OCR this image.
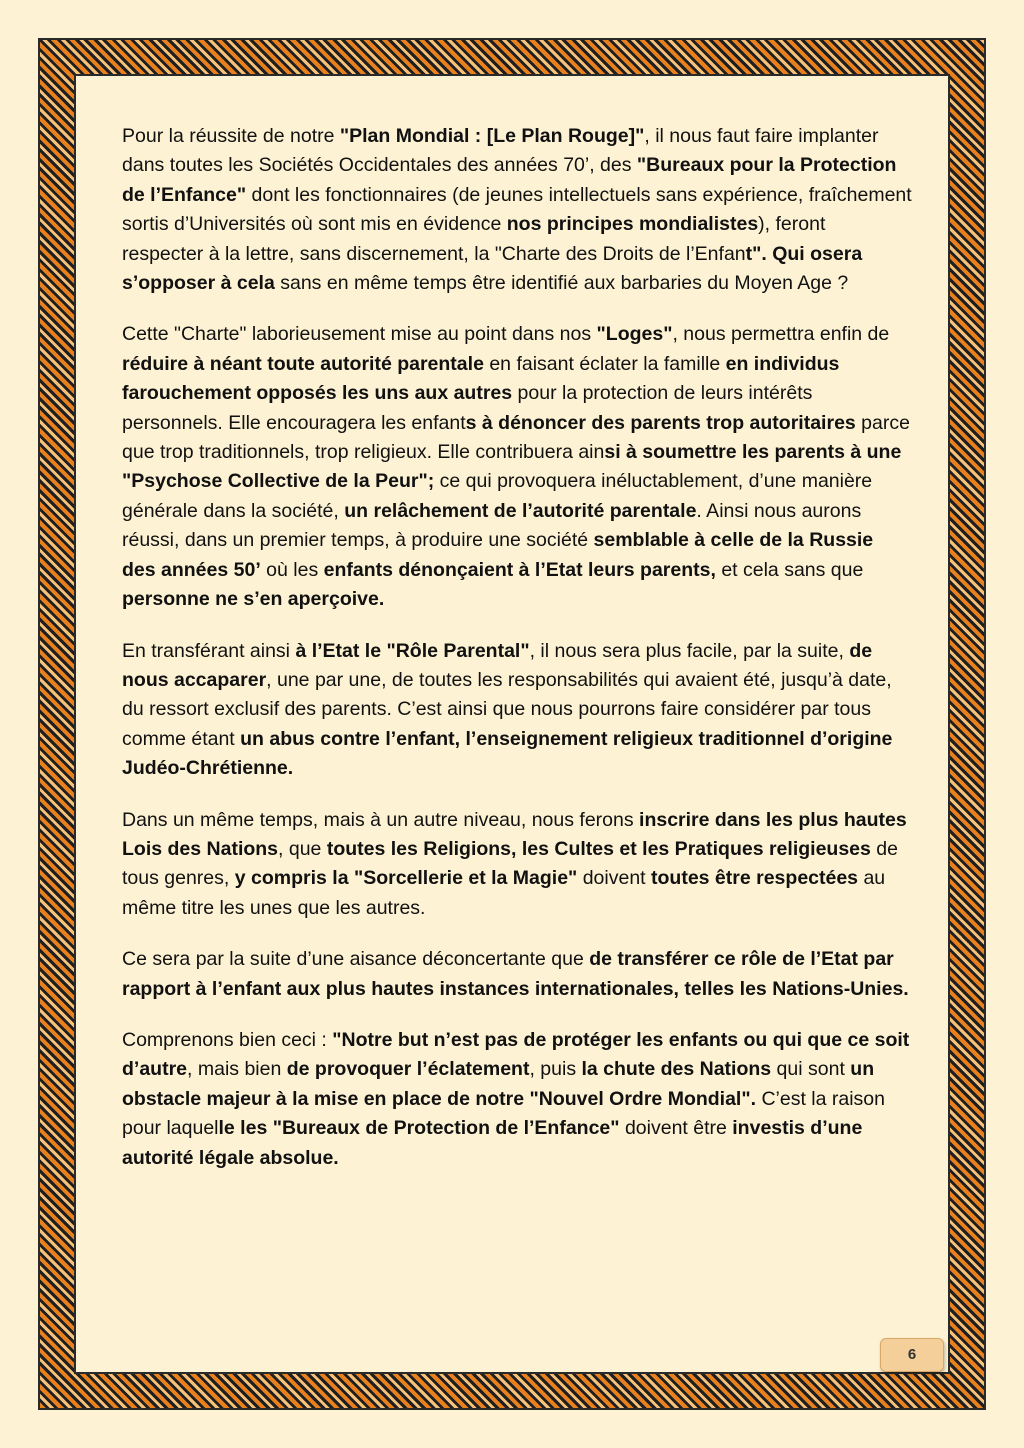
Pour la réussite de notre "Plan Mondial : [Le Plan Rouge]", il nous faut faire implanter dans toutes les Sociétés Occidentales des années 70’, des "Bureaux pour la Protection de l’Enfance" dont les fonctionnaires (de jeunes intellectuels sans expérience, fraîchement sortis d’Universités où sont mis en évidence nos principes mondialistes), feront respecter à la lettre, sans discernement, la "Charte des Droits de l’Enfant". Qui osera s’opposer à cela sans en même temps être identifié aux barbaries du Moyen Age ?

Cette "Charte" laborieusement mise au point dans nos "Loges", nous permettra enfin de réduire à néant toute autorité parentale en faisant éclater la famille en individus farouchement opposés les uns aux autres pour la protection de leurs intérêts personnels. Elle encouragera les enfants à dénoncer des parents trop autoritaires parce que trop traditionnels, trop religieux. Elle contribuera ainsi à soumettre les parents à une "Psychose Collective de la Peur"; ce qui provoquera inéluctablement, d’une manière générale dans la société, un relâchement de l’autorité parentale. Ainsi nous aurons réussi, dans un premier temps, à produire une société semblable à celle de la Russie des années 50’ où les enfants dénonçaient à l’Etat leurs parents, et cela sans que personne ne s’en aperçoive.

En transférant ainsi à l’Etat le "Rôle Parental", il nous sera plus facile, par la suite, de nous accaparer, une par une, de toutes les responsabilités qui avaient été, jusqu’à date, du ressort exclusif des parents. C’est ainsi que nous pourrons faire considérer par tous comme étant un abus contre l’enfant, l’enseignement religieux traditionnel d’origine Judéo-Chrétienne.

Dans un même temps, mais à un autre niveau, nous ferons inscrire dans les plus hautes Lois des Nations, que toutes les Religions, les Cultes et les Pratiques religieuses de tous genres, y compris la "Sorcellerie et la Magie" doivent toutes être respectées au même titre les unes que les autres.

Ce sera par la suite d’une aisance déconcertante que de transférer ce rôle de l’Etat par rapport à l’enfant aux plus hautes instances internationales, telles les Nations-Unies.

Comprenons bien ceci : "Notre but n’est pas de protéger les enfants ou qui que ce soit d’autre, mais bien de provoquer l’éclatement, puis la chute des Nations qui sont un obstacle majeur à la mise en place de notre "Nouvel Ordre Mondial". C’est la raison pour laquelle les "Bureaux de Protection de l’Enfance" doivent être investis d’une autorité légale absolue.

6
